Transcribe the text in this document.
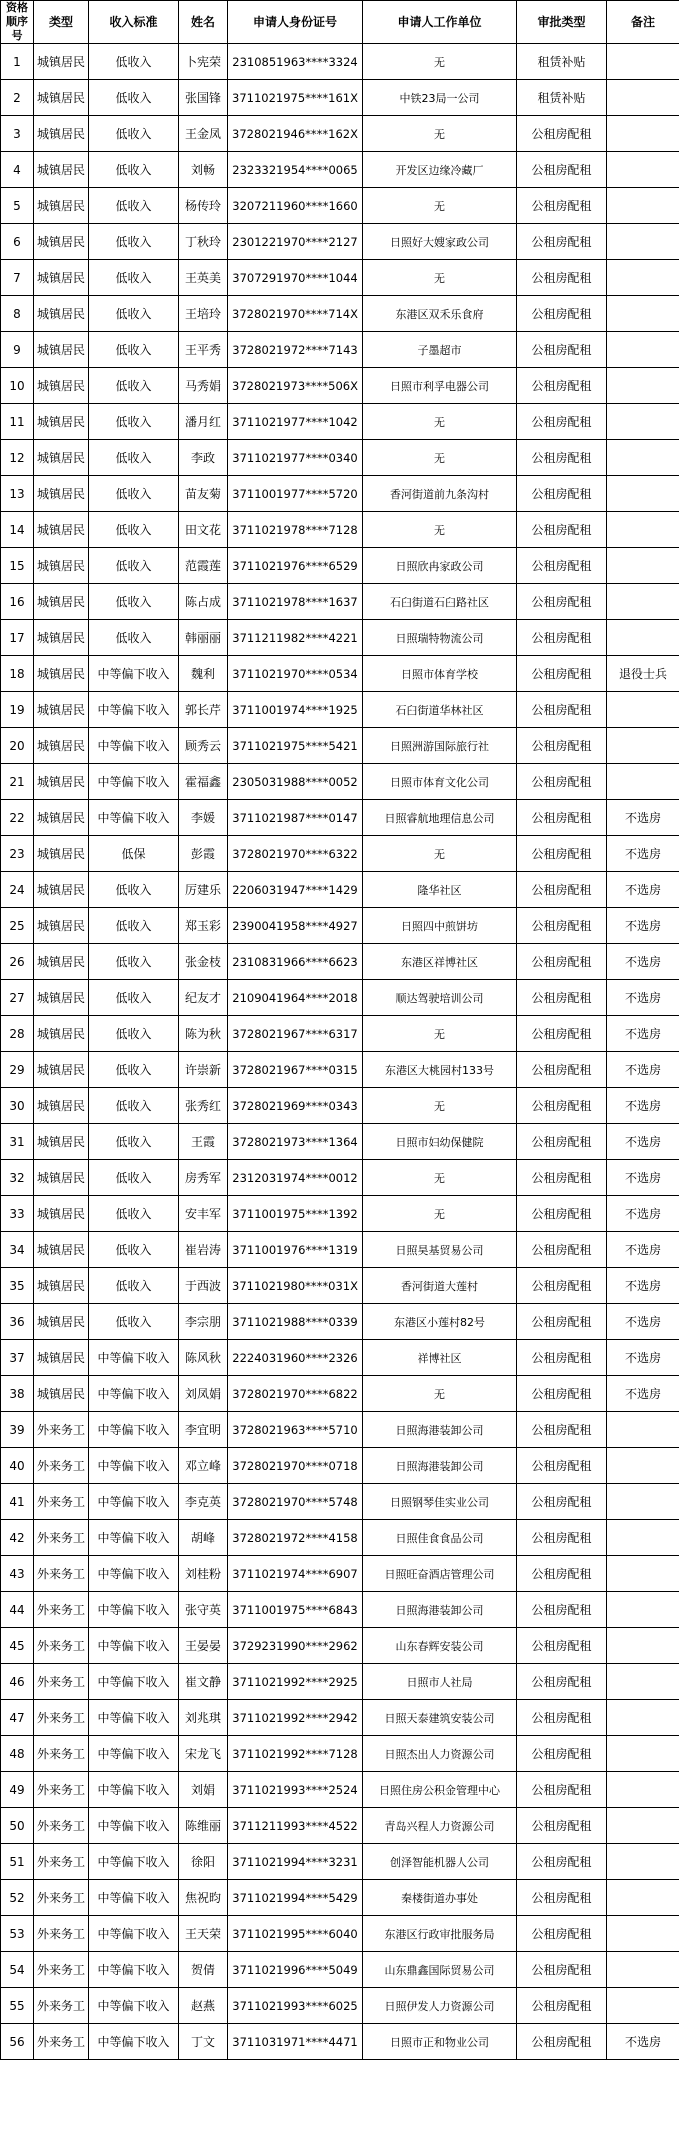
资格顺序号	类型	收入标准	姓名	申请人身份证号	申请人工作单位	审批类型	备注
1	城镇居民	低收入	卜宪荣	2310851963****3324	无	租赁补贴	
2	城镇居民	低收入	张国锋	3711021975****161X	中铁23局一公司	租赁补贴	
3	城镇居民	低收入	王金凤	3728021946****162X	无	公租房配租	
4	城镇居民	低收入	刘畅	2323321954****0065	开发区边缘冷藏厂	公租房配租	
5	城镇居民	低收入	杨传玲	3207211960****1660	无	公租房配租	
6	城镇居民	低收入	丁秋玲	2301221970****2127	日照好大嫂家政公司	公租房配租	
7	城镇居民	低收入	王英美	3707291970****1044	无	公租房配租	
8	城镇居民	低收入	王培玲	3728021970****714X	东港区双禾乐食府	公租房配租	
9	城镇居民	低收入	王平秀	3728021972****7143	子墨超市	公租房配租	
10	城镇居民	低收入	马秀娟	3728021973****506X	日照市利孚电器公司	公租房配租	
11	城镇居民	低收入	潘月红	3711021977****1042	无	公租房配租	
12	城镇居民	低收入	李政	3711021977****0340	无	公租房配租	
13	城镇居民	低收入	苗友菊	3711001977****5720	香河街道前九条沟村	公租房配租	
14	城镇居民	低收入	田文花	3711021978****7128	无	公租房配租	
15	城镇居民	低收入	范霞莲	3711021976****6529	日照欣冉家政公司	公租房配租	
16	城镇居民	低收入	陈占成	3711021978****1637	石臼街道石臼路社区	公租房配租	
17	城镇居民	低收入	韩丽丽	3711211982****4221	日照瑞特物流公司	公租房配租	
18	城镇居民	中等偏下收入	魏利	3711021970****0534	日照市体育学校	公租房配租	退役士兵
19	城镇居民	中等偏下收入	郭长芹	3711001974****1925	石臼街道华林社区	公租房配租	
20	城镇居民	中等偏下收入	顾秀云	3711021975****5421	日照洲游国际旅行社	公租房配租	
21	城镇居民	中等偏下收入	霍福鑫	2305031988****0052	日照市体育文化公司	公租房配租	
22	城镇居民	中等偏下收入	李媛	3711021987****0147	日照睿航地理信息公司	公租房配租	不选房
23	城镇居民	低保	彭霞	3728021970****6322	无	公租房配租	不选房
24	城镇居民	低收入	厉建乐	2206031947****1429	隆华社区	公租房配租	不选房
25	城镇居民	低收入	郑玉彩	2390041958****4927	日照四中煎饼坊	公租房配租	不选房
26	城镇居民	低收入	张金枝	2310831966****6623	东港区祥博社区	公租房配租	不选房
27	城镇居民	低收入	纪友才	2109041964****2018	顺达驾驶培训公司	公租房配租	不选房
28	城镇居民	低收入	陈为秋	3728021967****6317	无	公租房配租	不选房
29	城镇居民	低收入	许崇新	3728021967****0315	东港区大桃园村133号	公租房配租	不选房
30	城镇居民	低收入	张秀红	3728021969****0343	无	公租房配租	不选房
31	城镇居民	低收入	王霞	3728021973****1364	日照市妇幼保健院	公租房配租	不选房
32	城镇居民	低收入	房秀军	2312031974****0012	无	公租房配租	不选房
33	城镇居民	低收入	安丰军	3711001975****1392	无	公租房配租	不选房
34	城镇居民	低收入	崔岩涛	3711001976****1319	日照昊基贸易公司	公租房配租	不选房
35	城镇居民	低收入	于西波	3711021980****031X	香河街道大莲村	公租房配租	不选房
36	城镇居民	低收入	李宗朋	3711021988****0339	东港区小莲村82号	公租房配租	不选房
37	城镇居民	中等偏下收入	陈风秋	2224031960****2326	祥博社区	公租房配租	不选房
38	城镇居民	中等偏下收入	刘凤娟	3728021970****6822	无	公租房配租	不选房
39	外来务工	中等偏下收入	李宜明	3728021963****5710	日照海港装卸公司	公租房配租	
40	外来务工	中等偏下收入	邓立峰	3728021970****0718	日照海港装卸公司	公租房配租	
41	外来务工	中等偏下收入	李克英	3728021970****5748	日照钢琴佳实业公司	公租房配租	
42	外来务工	中等偏下收入	胡峰	3728021972****4158	日照佳食食品公司	公租房配租	
43	外来务工	中等偏下收入	刘桂粉	3711021974****6907	日照旺奋酒店管理公司	公租房配租	
44	外来务工	中等偏下收入	张守英	3711001975****6843	日照海港装卸公司	公租房配租	
45	外来务工	中等偏下收入	王晏晏	3729231990****2962	山东春辉安装公司	公租房配租	
46	外来务工	中等偏下收入	崔文静	3711021992****2925	日照市人社局	公租房配租	
47	外来务工	中等偏下收入	刘兆琪	3711021992****2942	日照天泰建筑安装公司	公租房配租	
48	外来务工	中等偏下收入	宋龙飞	3711021992****7128	日照杰出人力资源公司	公租房配租	
49	外来务工	中等偏下收入	刘娟	3711021993****2524	日照住房公积金管理中心	公租房配租	
50	外来务工	中等偏下收入	陈维丽	3711211993****4522	青岛兴程人力资源公司	公租房配租	
51	外来务工	中等偏下收入	徐阳	3711021994****3231	创泽智能机器人公司	公租房配租	
52	外来务工	中等偏下收入	焦祝昀	3711021994****5429	秦楼街道办事处	公租房配租	
53	外来务工	中等偏下收入	王天荣	3711021995****6040	东港区行政审批服务局	公租房配租	
54	外来务工	中等偏下收入	贺倩	3711021996****5049	山东鼎鑫国际贸易公司	公租房配租	
55	外来务工	中等偏下收入	赵燕	3711021993****6025	日照伊发人力资源公司	公租房配租	
56	外来务工	中等偏下收入	丁文	3711031971****4471	日照市正和物业公司	公租房配租	不选房
